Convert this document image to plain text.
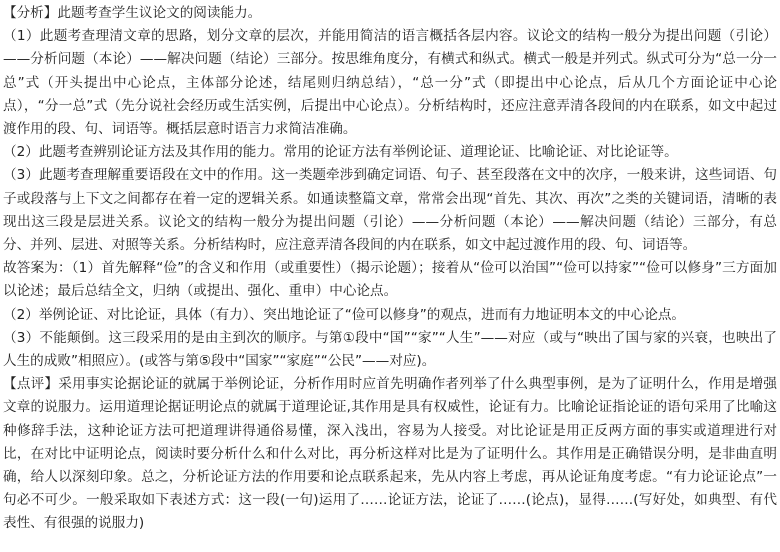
【分析】此题考查学生议论文的阅读能力。

（1）此题考查理清文章的思路，划分文章的层次，并能用简洁的语言概括各层内容。议论文的结构一般分为提出问题（引论）——分析问题（本论）——解决问题（结论）三部分。按思维角度分，有横式和纵式。横式一般是并列式。纵式可分为“总一分一总”式（开头提出中心论点，主体部分论述，结尾则归纳总结），“总一分”式（即提出中心论点，后从几个方面论证中心论点），“分一总”式（先分说社会经历或生活实例，后提出中心论点）。分析结构时，还应注意弄清各段间的内在联系，如文中起过渡作用的段、句、词语等。概括层意时语言力求简洁准确。

（2）此题考查辨别论证方法及其作用的能力。常用的论证方法有举例论证、道理论证、比喻论证、对比论证等。

（3）此题考查理解重要语段在文中的作用。这一类题牵涉到确定词语、句子、甚至段落在文中的次序，一般来讲，这些词语、句子或段落与上下文之间都存在着一定的逻辑关系。如通读整篇文章，常常会出现“首先、其次、再次”之类的关键词语，清晰的表现出这三段是层进关系。议论文的结构一般分为提出问题（引论）——分析问题（本论）——解决问题（结论）三部分，有总分、并列、层进、对照等关系。分析结构时，应注意弄清各段间的内在联系，如文中起过渡作用的段、句、词语等。

故答案为：（1）首先解释“俭”的含义和作用（或重要性）（揭示论题）；接着从“俭可以治国”“俭可以持家”“俭可以修身”三方面加以论述；最后总结全文，归纳（或提出、强化、重申）中心论点。

（2）举例论证、对比论证，具体（有力）、突出地论证了“俭可以修身”的观点，进而有力地证明本文的中心论点。

（3）不能颠倒。这三段采用的是由主到次的顺序。与第①段中“国”“家”“人生”——对应（或与“映出了国与家的兴衰，也映出了人生的成败”相照应）。(或答与第⑤段中“国家”“家庭”“公民”——对应)。

【点评】采用事实论据论证的就属于举例论证，分析作用时应首先明确作者列举了什么典型事例，是为了证明什么，作用是增强文章的说服力。运用道理论据证明论点的就属于道理论证,其作用是具有权威性，论证有力。比喻论证指论证的语句采用了比喻这种修辞手法，这种论证方法可把道理讲得通俗易懂，深入浅出，容易为人接受。对比论证是用正反两方面的事实或道理进行对比，在对比中证明论点，阅读时要分析什么和什么对比，再分析这样对比是为了证明什么。其作用是正确错误分明，是非曲直明确，给人以深刻印象。总之，分析论证方法的作用要和论点联系起来，先从内容上考虑，再从论证角度考虑。“有力论证论点”一句必不可少。一般采取如下表述方式：这一段(一句)运用了……论证方法，论证了……(论点)，显得……(写好处，如典型、有代表性、有很强的说服力)
